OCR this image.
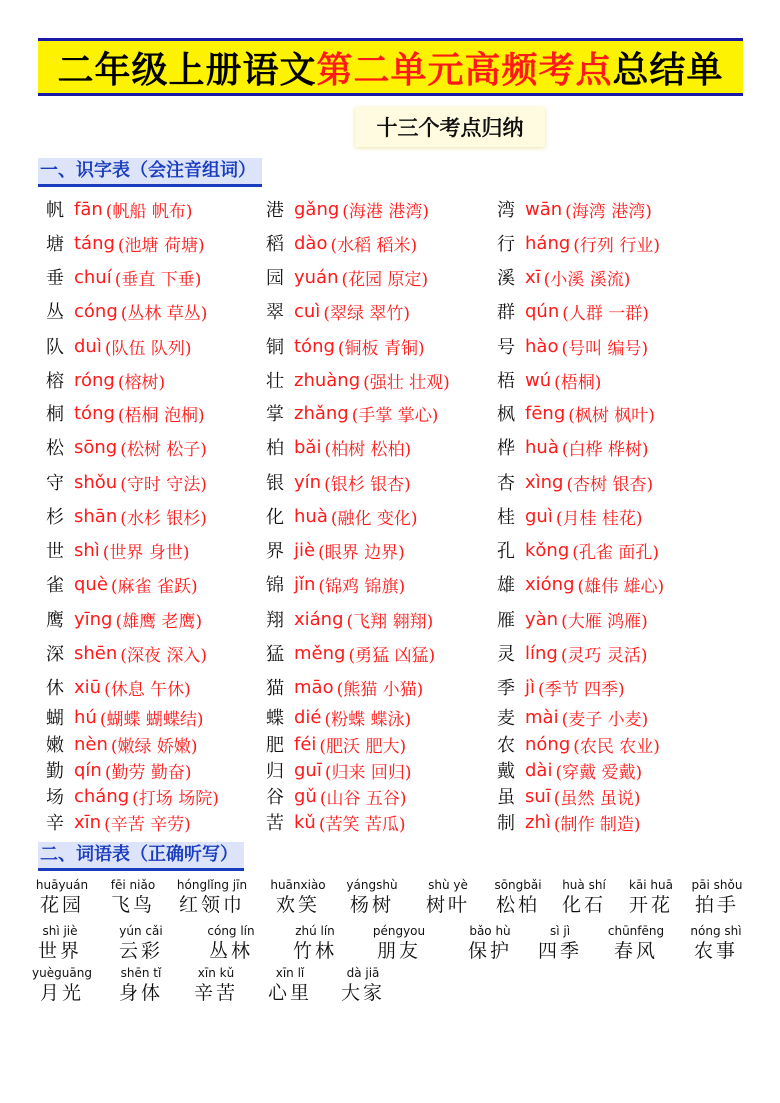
二年级上册语文 第二单元高频考点 总结单
十三个考点归纳
一、识字表（会注音组词）
帆 fān (帆船 帆布)	港 gǎng (海港 港湾)	湾 wān (海湾 港湾)
塘 táng (池塘 荷塘)	稻 dào (水稻 稻米)	行 háng (行列 行业)
垂 chuí (垂直 下垂)	园 yuán (花园 原定)	溪 xī (小溪 溪流)
丛 cóng (丛林 草丛)	翠 cuì (翠绿 翠竹)	群 qún (人群 一群)
队 duì (队伍 队列)	铜 tóng (铜板 青铜)	号 hào (号叫 编号)
榕 róng (榕树)	壮 zhuàng (强壮 壮观)	梧 wú (梧桐)
桐 tóng (梧桐 泡桐)	掌 zhǎng (手掌 掌心)	枫 fēng (枫树 枫叶)
松 sōng (松树 松子)	柏 bǎi (柏树 松柏)	桦 huà (白桦 桦树)
守 shǒu (守时 守法)	银 yín (银杉 银杏)	杏 xìng (杏树 银杏)
杉 shān (水杉 银杉)	化 huà (融化 变化)	桂 guì (月桂 桂花)
世 shì (世界 身世)	界 jiè (眼界 边界)	孔 kǒng (孔雀 面孔)
雀 què (麻雀 雀跃)	锦 jǐn (锦鸡 锦旗)	雄 xióng (雄伟 雄心)
鹰 yīng (雄鹰 老鹰)	翔 xiáng (飞翔 翱翔)	雁 yàn (大雁 鸿雁)
深 shēn (深夜 深入)	猛 měng (勇猛 凶猛)	灵 líng (灵巧 灵活)
休 xiū (休息 午休)	猫 māo (熊猫 小猫)	季 jì (季节 四季)
蝴 hú (蝴蝶 蝴蝶结)	蝶 dié (粉蝶 蝶泳)	麦 mài (麦子 小麦)
嫩 nèn (嫩绿 娇嫩)	肥 féi (肥沃 肥大)	农 nóng (农民 农业)
勤 qín (勤劳 勤奋)	归 guī (归来 回归)	戴 dài (穿戴 爱戴)
场 cháng (打场 场院)	谷 gǔ (山谷 五谷)	虽 suī (虽然 虽说)
辛 xīn (辛苦 辛劳)	苦 kǔ (苦笑 苦瓜)	制 zhì (制作 制造)
二、词语表（正确听写）
huāyuán
花园
fēi niǎo
飞鸟
hónglǐng jīn
红领巾
huānxiào
欢笑
yángshù
杨树
shù yè
树叶
sōngbǎi
松柏
huà shí
化石
kāi huā
开花
pāi shǒu
拍手
shì jiè
世界
yún cǎi
云彩
cóng lín
丛林
zhú lín
竹林
péngyou
朋友
bǎo hù
保护
sì jì
四季
chūnfēng
春风
nóng shì
农事
yuèguāng
月光
shēn tǐ
身体
xīn kǔ
辛苦
xīn lǐ
心里
dà jiā
大家
